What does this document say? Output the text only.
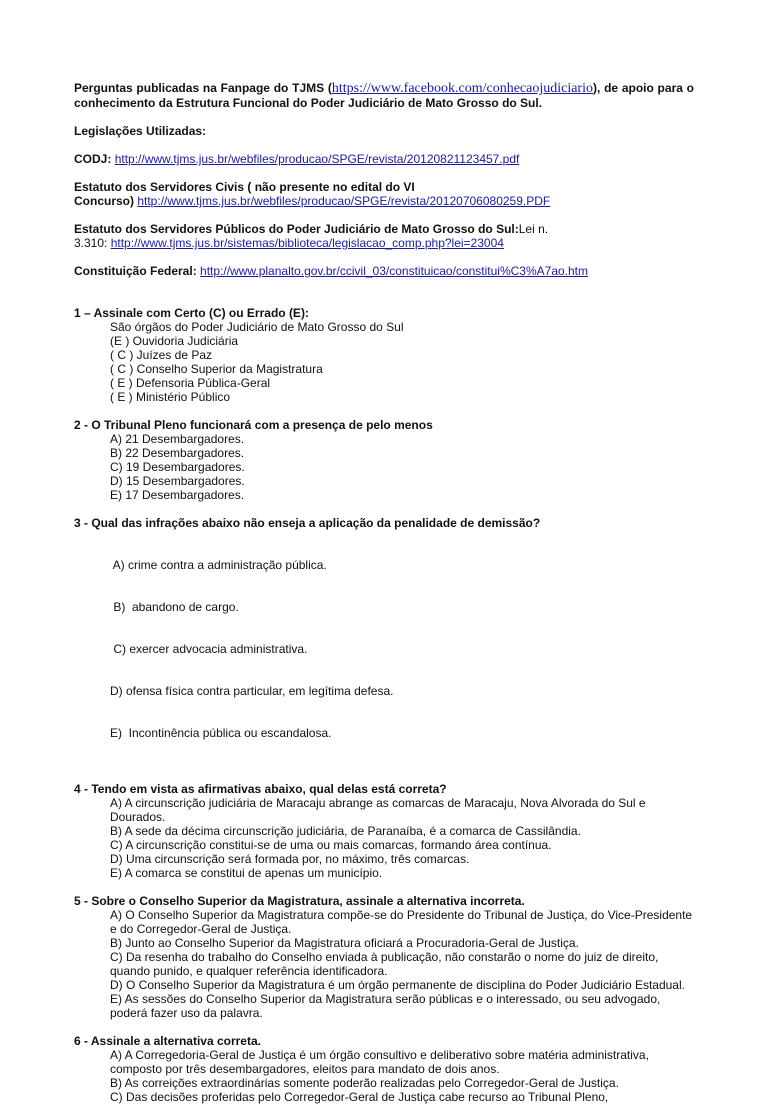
Perguntas publicadas na Fanpage do TJMS (https://www.facebook.com/conhecaojudiciario), de apoio para o conhecimento da Estrutura Funcional do Poder Judiciário de Mato Grosso do Sul.

Legislações Utilizadas:

CODJ: http://www.tjms.jus.br/webfiles/producao/SPGE/revista/20120821123457.pdf

Estatuto dos Servidores Civis ( não presente no edital do VI

Concurso) http://www.tjms.jus.br/webfiles/producao/SPGE/revista/20120706080259.PDF

Estatuto dos Servidores Públicos do Poder Judiciário de Mato Grosso do Sul:Lei n.

3.310: http://www.tjms.jus.br/sistemas/biblioteca/legislacao_comp.php?lei=23004

Constituição Federal: http://www.planalto.gov.br/ccivil_03/constituicao/constitui%C3%A7ao.htm

1 – Assinale com Certo (C) ou Errado (E):

São órgãos do Poder Judiciário de Mato Grosso do Sul

(E ) Ouvidoria Judiciária

( C ) Juízes de Paz

( C ) Conselho Superior da Magistratura

( E ) Defensoria Pública-Geral

( E ) Ministério Público

2 - O Tribunal Pleno funcionará com a presença de pelo menos

A) 21 Desembargadores.

B) 22 Desembargadores.

C) 19 Desembargadores.

D) 15 Desembargadores.

E) 17 Desembargadores.

3 - Qual das infrações abaixo não enseja a aplicação da penalidade de demissão?

A) crime contra a administração pública.

B)  abandono de cargo.

C) exercer advocacia administrativa.

D) ofensa física contra particular, em legítima defesa.

E)  Incontinência pública ou escandalosa.

4 - Tendo em vista as afirmativas abaixo, qual delas está correta?

A) A circunscrição judiciária de Maracaju abrange as comarcas de Maracaju, Nova Alvorada do Sul e Dourados.

B) A sede da décima circunscrição judiciária, de Paranaíba, é a comarca de Cassilândia.

C) A circunscrição constitui-se de uma ou mais comarcas, formando área contínua.

D) Uma circunscrição será formada por, no máximo, três comarcas.

E) A comarca se constitui de apenas um município.

5 - Sobre o Conselho Superior da Magistratura, assinale a alternativa incorreta.

A) O Conselho Superior da Magistratura compõe-se do Presidente do Tribunal de Justiça, do Vice-Presidente e do Corregedor-Geral de Justiça.

B) Junto ao Conselho Superior da Magistratura oficiará a Procuradoria-Geral de Justiça.

C) Da resenha do trabalho do Conselho enviada à publicação, não constarão o nome do juiz de direito, quando punido, e qualquer referência identificadora.

D) O Conselho Superior da Magistratura é um órgão permanente de disciplina do Poder Judiciário Estadual.

E) As sessões do Conselho Superior da Magistratura serão públicas e o interessado, ou seu advogado, poderá fazer uso da palavra.

6 - Assinale a alternativa correta.

A) A Corregedoria-Geral de Justiça é um órgão consultivo e deliberativo sobre matéria administrativa, composto por três desembargadores, eleitos para mandato de dois anos.

B) As correições extraordinárias somente poderão realizadas pelo Corregedor-Geral de Justiça.

C) Das decisões proferidas pelo Corregedor-Geral de Justiça cabe recurso ao Tribunal Pleno,
